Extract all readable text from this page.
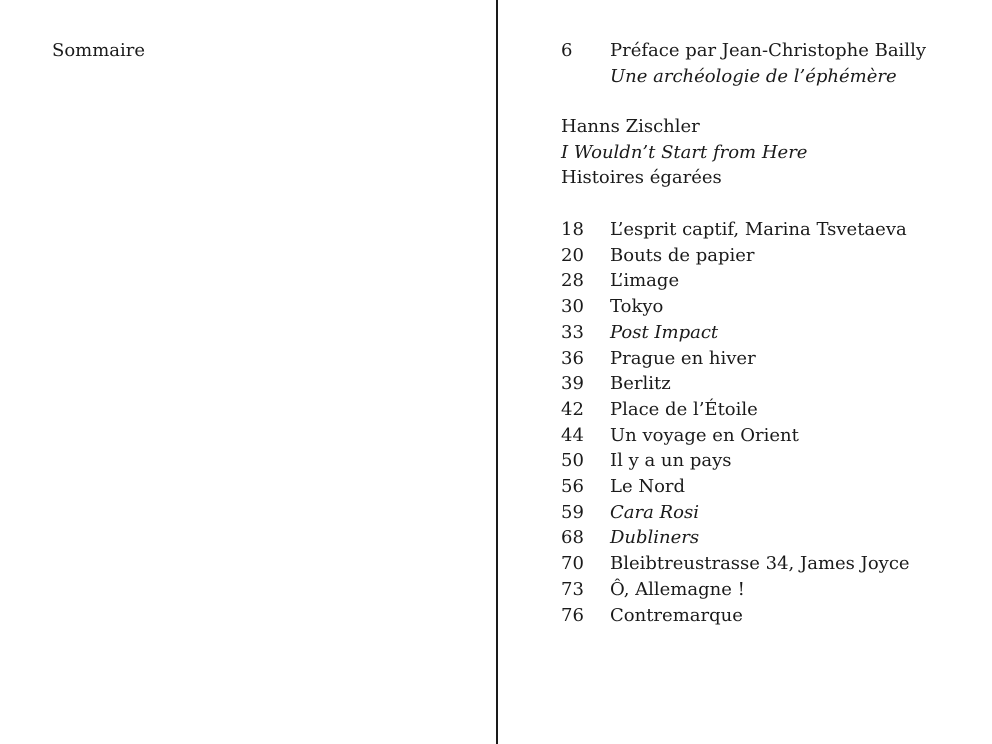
Sommaire	6	Préface par Jean-Christophe Bailly
Une archéologie de l’éphémère
Hanns Zischler
I Wouldn’t Start from Here
Histoires égarées
18	L’esprit captif, Marina Tsvetaeva
20	Bouts de papier
28	L’image
30	Tokyo
33	Post Impact
36	Prague en hiver
39	Berlitz
42	Place de l’Étoile
44	Un voyage en Orient
50	Il y a un pays
56	Le Nord
59	Cara Rosi
68	Dubliners
70	Bleibtreustrasse 34, James Joyce
73	Ô, Allemagne !
76	Contremarque
